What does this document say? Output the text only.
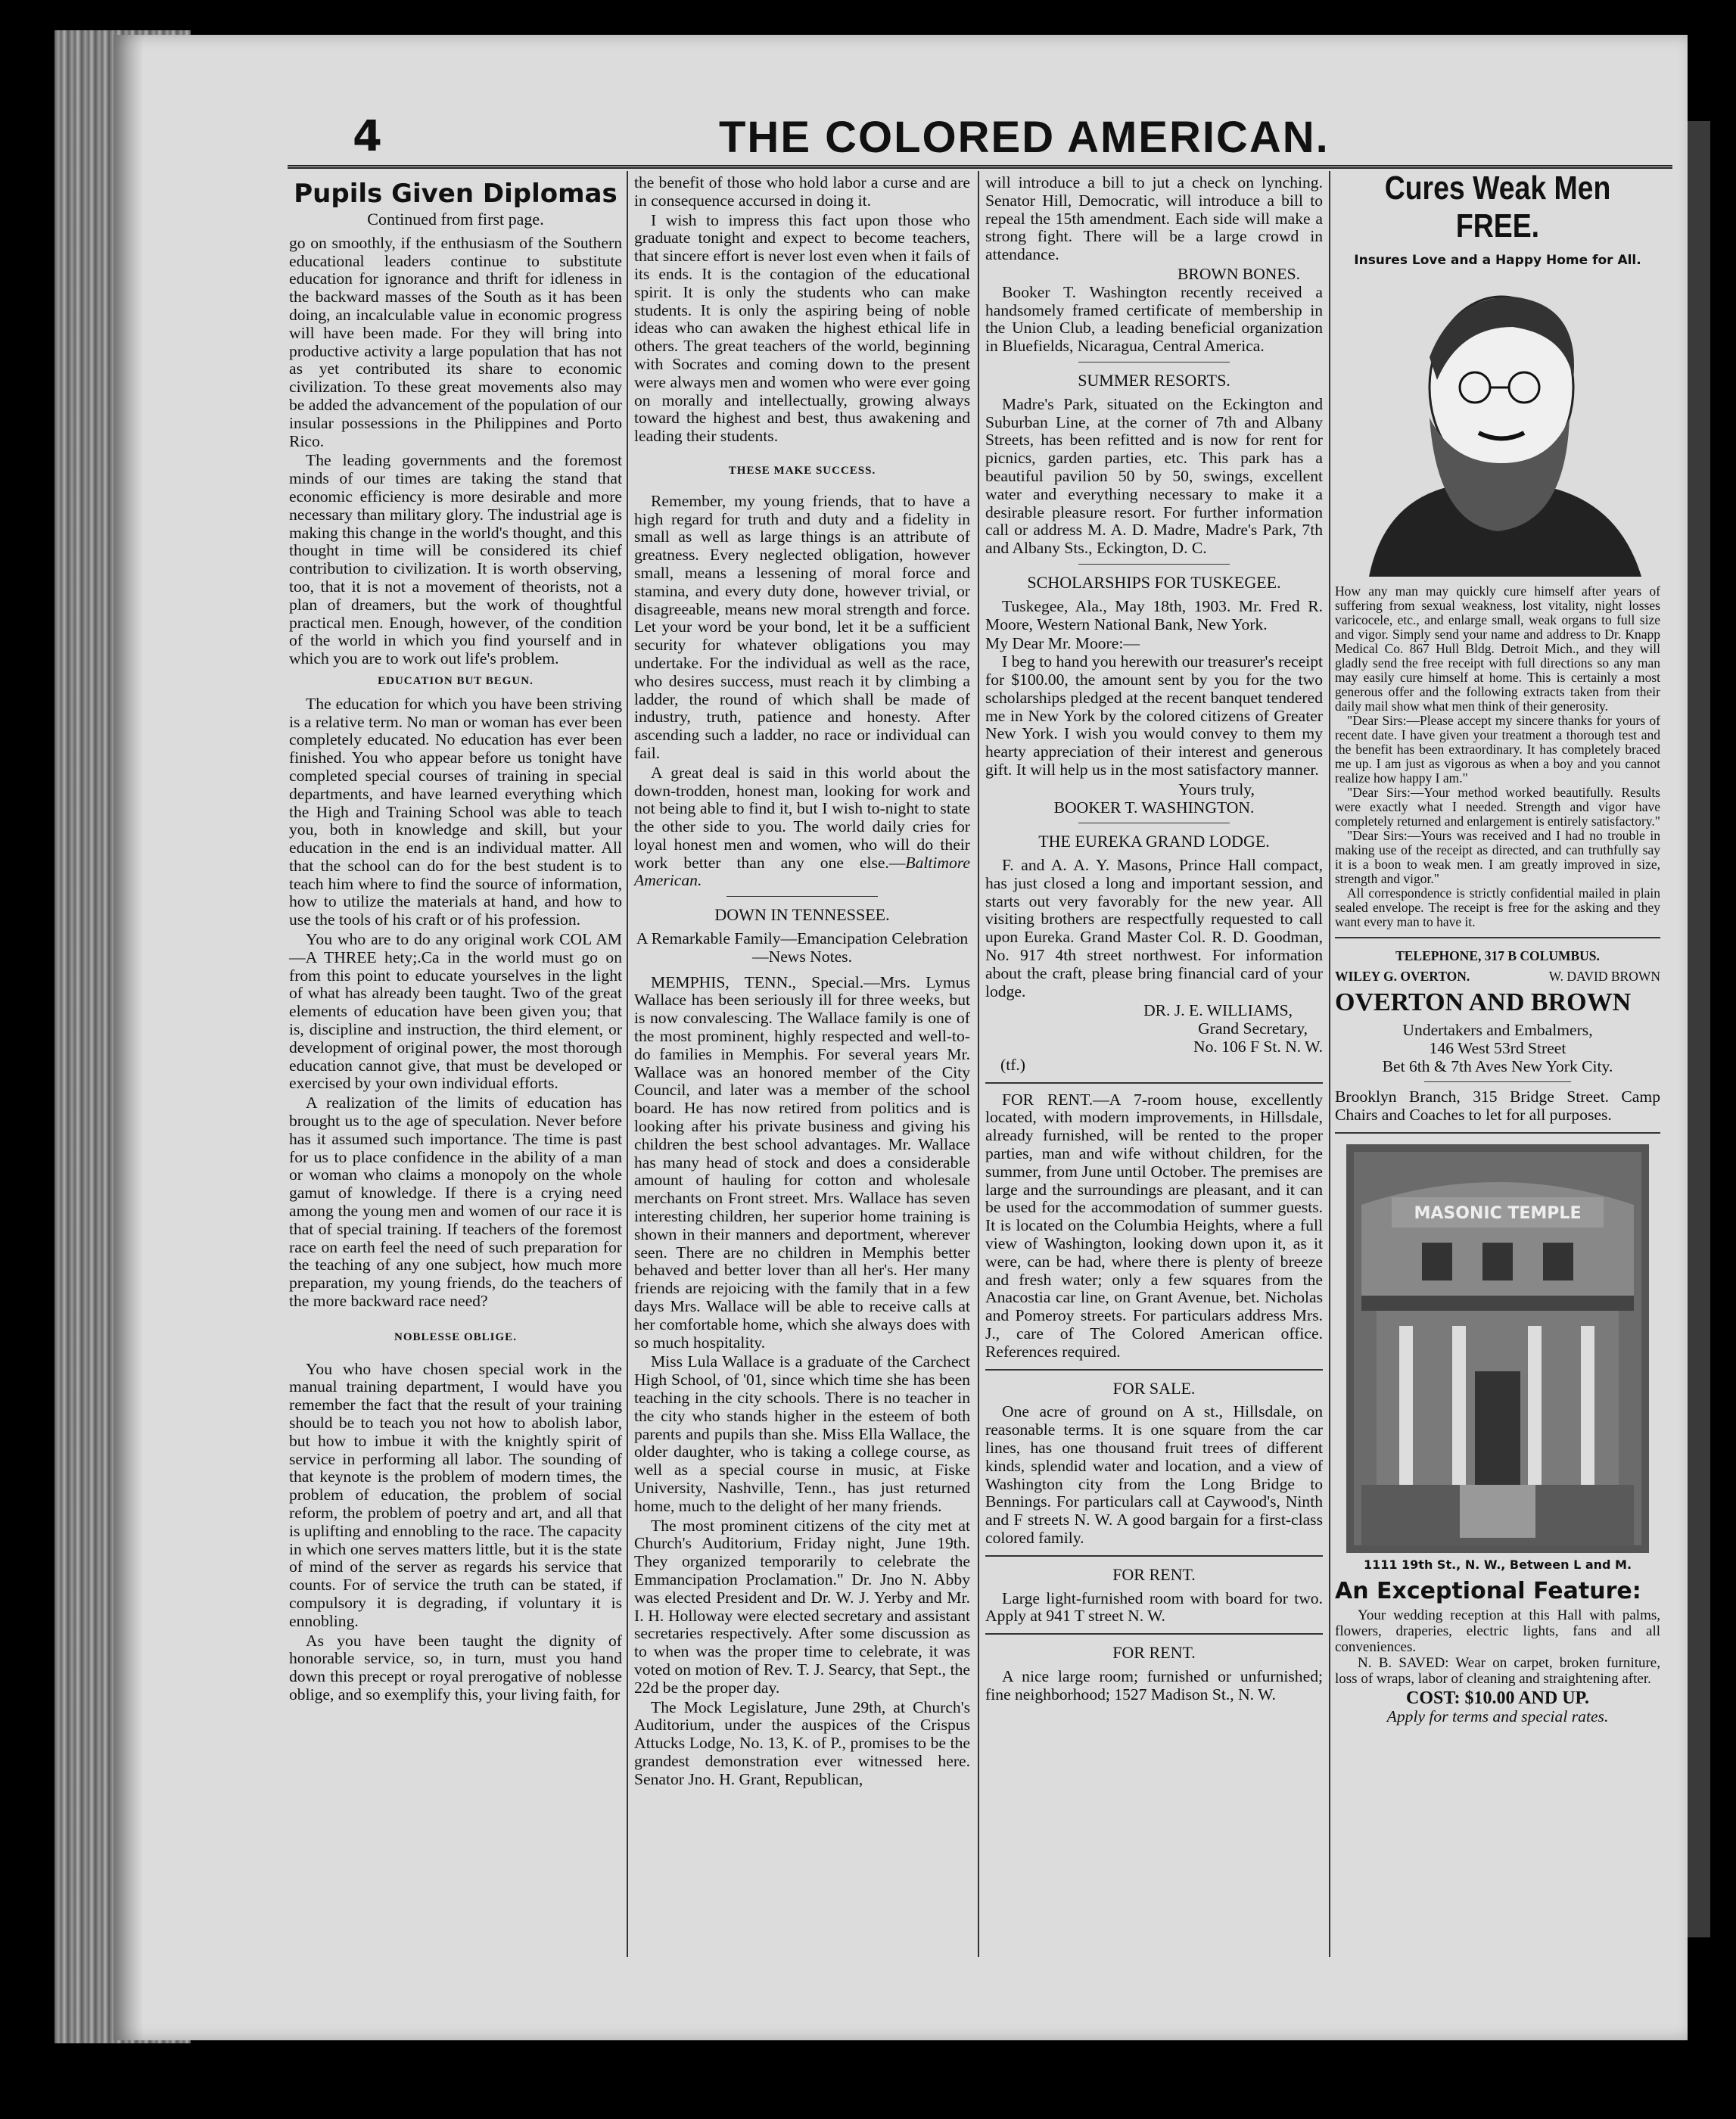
4	THE COLORED AMERICAN.
Pupils Given Diplomas
Continued from first page.

go on smoothly, if the enthusiasm of the Southern educational leaders continue to substitute education for ignorance and thrift for idleness in the backward masses of the South as it has been doing, an incalculable value in economic progress will have been made. For they will bring into productive activity a large population that has not as yet contributed its share to economic civilization. To these great movements also may be added the advancement of the population of our insular possessions in the Philippines and Porto Rico.

The leading governments and the foremost minds of our times are taking the stand that economic efficiency is more desirable and more necessary than military glory. The industrial age is making this change in the world's thought, and this thought in time will be considered its chief contribution to civilization. It is worth observing, too, that it is not a movement of theorists, not a plan of dreamers, but the work of thoughtful practical men. Enough, however, of the condition of the world in which you find yourself and in which you are to work out life's problem.

EDUCATION BUT BEGUN.

The education for which you have been striving is a relative term. No man or woman has ever been completely educated. No education has ever been finished. You who appear before us tonight have completed special courses of training in special departments, and have learned everything which the High and Training School was able to teach you, both in knowledge and skill, but your education in the end is an individual matter. All that the school can do for the best student is to teach him where to find the source of information, how to utilize the materials at hand, and how to use the tools of his craft or of his profession.

You who are to do any original work COL AM—A THREE hety;.Ca in the world must go on from this point to educate yourselves in the light of what has already been taught. Two of the great elements of education have been given you; that is, discipline and instruction, the third element, or development of original power, the most thorough education cannot give, that must be developed or exercised by your own individual efforts.

A realization of the limits of education has brought us to the age of speculation. Never before has it assumed such importance. The time is past for us to place confidence in the ability of a man or woman who claims a monopoly on the whole gamut of knowledge. If there is a crying need among the young men and women of our race it is that of special training. If teachers of the foremost race on earth feel the need of such preparation for the teaching of any one subject, how much more preparation, my young friends, do the teachers of the more backward race need?

NOBLESSE OBLIGE.

You who have chosen special work in the manual training department, I would have you remember the fact that the result of your training should be to teach you not how to abolish labor, but how to imbue it with the knightly spirit of service in performing all labor. The sounding of that keynote is the problem of modern times, the problem of education, the problem of social reform, the problem of poetry and art, and all that is uplifting and ennobling to the race. The capacity in which one serves matters little, but it is the state of mind of the server as regards his service that counts. For of service the truth can be stated, if compulsory it is degrading, if voluntary it is ennobling.

As you have been taught the dignity of honorable service, so, in turn, must you hand down this precept or royal prerogative of noblesse oblige, and so exemplify this, your living faith, for

the benefit of those who hold labor a curse and are in consequence accursed in doing it.

I wish to impress this fact upon those who graduate tonight and expect to become teachers, that sincere effort is never lost even when it fails of its ends. It is the contagion of the educational spirit. It is only the students who can make students. It is only the aspiring being of noble ideas who can awaken the highest ethical life in others. The great teachers of the world, beginning with Socrates and coming down to the present were always men and women who were ever going on morally and intellectually, growing always toward the highest and best, thus awakening and leading their students.

THESE MAKE SUCCESS.

Remember, my young friends, that to have a high regard for truth and duty and a fidelity in small as well as large things is an attribute of greatness. Every neglected obligation, however small, means a lessening of moral force and stamina, and every duty done, however trivial, or disagreeable, means new moral strength and force. Let your word be your bond, let it be a sufficient security for whatever obligations you may undertake. For the individual as well as the race, who desires success, must reach it by climbing a ladder, the round of which shall be made of industry, truth, patience and honesty. After ascending such a ladder, no race or individual can fail.

A great deal is said in this world about the down-trodden, honest man, looking for work and not being able to find it, but I wish to-night to state the other side to you. The world daily cries for loyal honest men and women, who will do their work better than any one else.—Baltimore American.

DOWN IN TENNESSEE.
A Remarkable Family—Emancipation Celebration—News Notes.

MEMPHIS, TENN., Special.—Mrs. Lymus Wallace has been seriously ill for three weeks, but is now convalescing. The Wallace family is one of the most prominent, highly respected and well-to-do families in Memphis. For several years Mr. Wallace was an honored member of the City Council, and later was a member of the school board. He has now retired from politics and is looking after his private business and giving his children the best school advantages. Mr. Wallace has many head of stock and does a considerable amount of hauling for cotton and wholesale merchants on Front street. Mrs. Wallace has seven interesting children, her superior home training is shown in their manners and deportment, wherever seen. There are no children in Memphis better behaved and better lover than all her's. Her many friends are rejoicing with the family that in a few days Mrs. Wallace will be able to receive calls at her comfortable home, which she always does with so much hospitality.

Miss Lula Wallace is a graduate of the Carchect High School, of '01, since which time she has been teaching in the city schools. There is no teacher in the city who stands higher in the esteem of both parents and pupils than she. Miss Ella Wallace, the older daughter, who is taking a college course, as well as a special course in music, at Fiske University, Nashville, Tenn., has just returned home, much to the delight of her many friends.

The most prominent citizens of the city met at Church's Auditorium, Friday night, June 19th. They organized temporarily to celebrate the Emmancipation Proclamation." Dr. Jno N. Abby was elected President and Dr. W. J. Yerby and Mr. I. H. Holloway were elected secretary and assistant secretaries respectively. After some discussion as to when was the proper time to celebrate, it was voted on motion of Rev. T. J. Searcy, that Sept., the 22d be the proper day.

The Mock Legislature, June 29th, at Church's Auditorium, under the auspices of the Crispus Attucks Lodge, No. 13, K. of P., promises to be the grandest demonstration ever witnessed here. Senator Jno. H. Grant, Republican,

will introduce a bill to jut a check on lynching. Senator Hill, Democratic, will introduce a bill to repeal the 15th amendment. Each side will make a strong fight. There will be a large crowd in attendance.

BROWN BONES.

Booker T. Washington recently received a handsomely framed certificate of membership in the Union Club, a leading beneficial organization in Bluefields, Nicaragua, Central America.

SUMMER RESORTS.

Madre's Park, situated on the Eckington and Suburban Line, at the corner of 7th and Albany Streets, has been refitted and is now for rent for picnics, garden parties, etc. This park has a beautiful pavilion 50 by 50, swings, excellent water and everything necessary to make it a desirable pleasure resort. For further information call or address M. A. D. Madre, Madre's Park, 7th and Albany Sts., Eckington, D. C.

SCHOLARSHIPS FOR TUSKEGEE.

Tuskegee, Ala., May 18th, 1903. Mr. Fred R. Moore, Western National Bank, New York.

My Dear Mr. Moore:—

I beg to hand you herewith our treasurer's receipt for $100.00, the amount sent by you for the two scholarships pledged at the recent banquet tendered me in New York by the colored citizens of Greater New York. I wish you would convey to them my hearty appreciation of their interest and generous gift. It will help us in the most satisfactory manner.

Yours truly,
BOOKER T. WASHINGTON.
THE EUREKA GRAND LODGE.

F. and A. A. Y. Masons, Prince Hall compact, has just closed a long and important session, and starts out very favorably for the new year. All visiting brothers are respectfully requested to call upon Eureka. Grand Master Col. R. D. Goodman, No. 917 4th street northwest. For information about the craft, please bring financial card of your lodge.

DR. J. E. WILLIAMS,
Grand Secretary,
No. 106 F St. N. W.
(tf.)

FOR RENT.—A 7-room house, excellently located, with modern improvements, in Hillsdale, already furnished, will be rented to the proper parties, man and wife without children, for the summer, from June until October. The premises are large and the surroundings are pleasant, and it can be used for the accommodation of summer guests. It is located on the Columbia Heights, where a full view of Washington, looking down upon it, as it were, can be had, where there is plenty of breeze and fresh water; only a few squares from the Anacostia car line, on Grant Avenue, bet. Nicholas and Pomeroy streets. For particulars address Mrs. J., care of The Colored American office. References required.

FOR SALE.

One acre of ground on A st., Hillsdale, on reasonable terms. It is one square from the car lines, has one thousand fruit trees of different kinds, splendid water and location, and a view of Washington city from the Long Bridge to Bennings. For particulars call at Caywood's, Ninth and F streets N. W. A good bargain for a first-class colored family.

FOR RENT.

Large light-furnished room with board for two. Apply at 941 T street N. W.

FOR RENT.

A nice large room; furnished or unfurnished; fine neighborhood; 1527 Madison St., N. W.

Cures Weak Men FREE.
Insures Love and a Happy Home for All.
How any man may quickly cure himself after years of suffering from sexual weakness, lost vitality, night losses varicocele, etc., and enlarge small, weak organs to full size and vigor. Simply send your name and address to Dr. Knapp Medical Co. 867 Hull Bldg. Detroit Mich., and they will gladly send the free receipt with full directions so any man may easily cure himself at home. This is certainly a most generous offer and the following extracts taken from their daily mail show what men think of their generosity.
"Dear Sirs:—Please accept my sincere thanks for yours of recent date. I have given your treatment a thorough test and the benefit has been extraordinary. It has completely braced me up. I am just as vigorous as when a boy and you cannot realize how happy I am."
"Dear Sirs:—Your method worked beautifully. Results were exactly what I needed. Strength and vigor have completely returned and enlargement is entirely satisfactory."
"Dear Sirs:—Yours was received and I had no trouble in making use of the receipt as directed, and can truthfully say it is a boon to weak men. I am greatly improved in size, strength and vigor."
All correspondence is strictly confidential mailed in plain sealed envelope. The receipt is free for the asking and they want every man to have it.
TELEPHONE, 317 B COLUMBUS.
WILEY G. OVERTON.	W. DAVID BROWN
OVERTON AND BROWN
Undertakers and Embalmers,
146 West 53rd Street
Bet 6th & 7th Aves New York City.
Brooklyn Branch, 315 Bridge Street. Camp Chairs and Coaches to let for all purposes.
MASONIC TEMPLE
1111 19th St., N. W., Between L and M.
An Exceptional Feature:
Your wedding reception at this Hall with palms, flowers, draperies, electric lights, fans and all conveniences.
N. B. SAVED: Wear on carpet, broken furniture, loss of wraps, labor of cleaning and straightening after.
COST: $10.00 AND UP.
Apply for terms and special rates.
